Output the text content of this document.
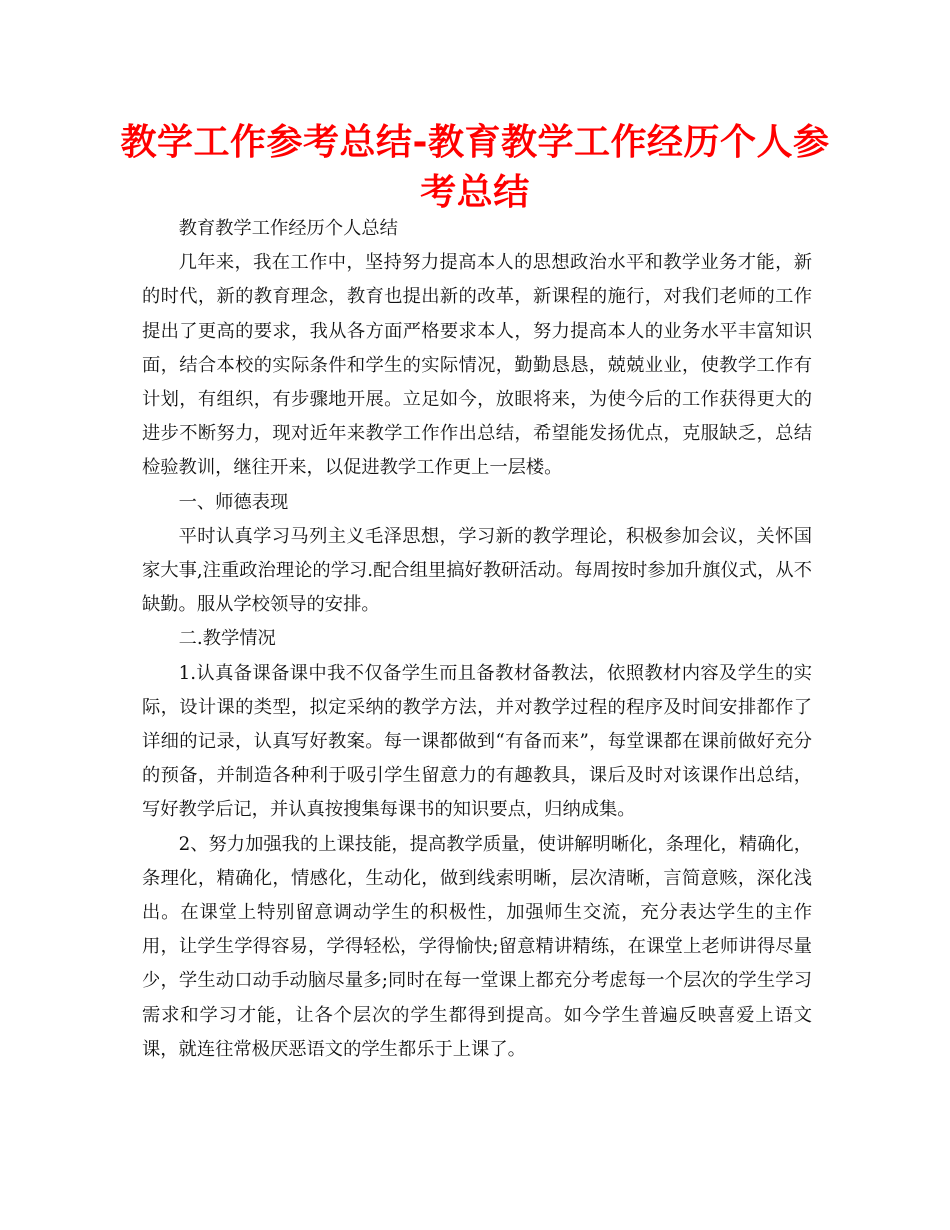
教学工作参考总结-教育教学工作经历个人参考总结

教育教学工作经历个人总结

几年来，我在工作中，坚持努力提高本人的思想政治水平和教学业务才能，新的时代，新的教育理念，教育也提出新的改革，新课程的施行，对我们老师的工作提出了更高的要求，我从各方面严格要求本人，努力提高本人的业务水平丰富知识面，结合本校的实际条件和学生的实际情况，勤勤恳恳，兢兢业业，使教学工作有计划，有组织，有步骤地开展。立足如今，放眼将来，为使今后的工作获得更大的进步不断努力，现对近年来教学工作作出总结，希望能发扬优点，克服缺乏，总结检验教训，继往开来，以促进教学工作更上一层楼。

一、师德表现

平时认真学习马列主义毛泽思想，学习新的教学理论，积极参加会议，关怀国家大事,注重政治理论的学习.配合组里搞好教研活动。每周按时参加升旗仪式，从不缺勤。服从学校领导的安排。

二.教学情况

1.认真备课备课中我不仅备学生而且备教材备教法，依照教材内容及学生的实际，设计课的类型，拟定采纳的教学方法，并对教学过程的程序及时间安排都作了详细的记录，认真写好教案。每一课都做到“有备而来”，每堂课都在课前做好充分的预备，并制造各种利于吸引学生留意力的有趣教具，课后及时对该课作出总结，写好教学后记，并认真按搜集每课书的知识要点，归纳成集。

2、努力加强我的上课技能，提高教学质量，使讲解明晰化，条理化，精确化，条理化，精确化，情感化，生动化，做到线索明晰，层次清晰，言简意赅，深化浅出。在课堂上特别留意调动学生的积极性，加强师生交流，充分表达学生的主作用，让学生学得容易，学得轻松，学得愉快;留意精讲精练，在课堂上老师讲得尽量少，学生动口动手动脑尽量多;同时在每一堂课上都充分考虑每一个层次的学生学习需求和学习才能，让各个层次的学生都得到提高。如今学生普遍反映喜爱上语文课，就连往常极厌恶语文的学生都乐于上课了。
